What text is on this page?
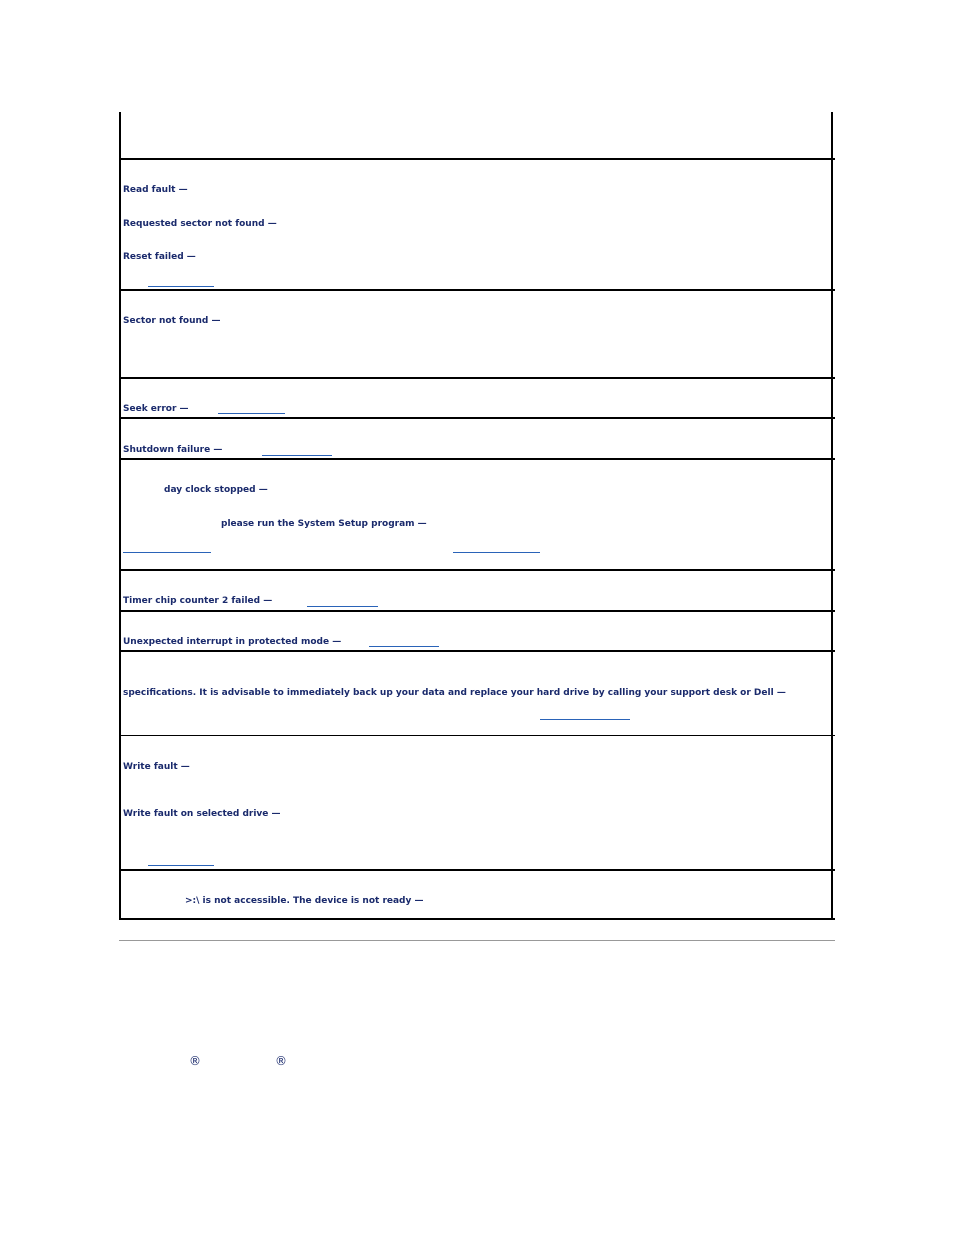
Read fault —
Requested sector not found —
Reset failed —
Sector not found —
Seek error —
Shutdown failure —
day clock stopped —
please run the System Setup program —
Timer chip counter 2 failed —
Unexpected interrupt in protected mode —
specifications. It is advisable to immediately back up your data and replace your hard drive by calling your support desk or Dell —
Write fault —
Write fault on selected drive —
>:\ is not accessible. The device is not ready —
®	®
